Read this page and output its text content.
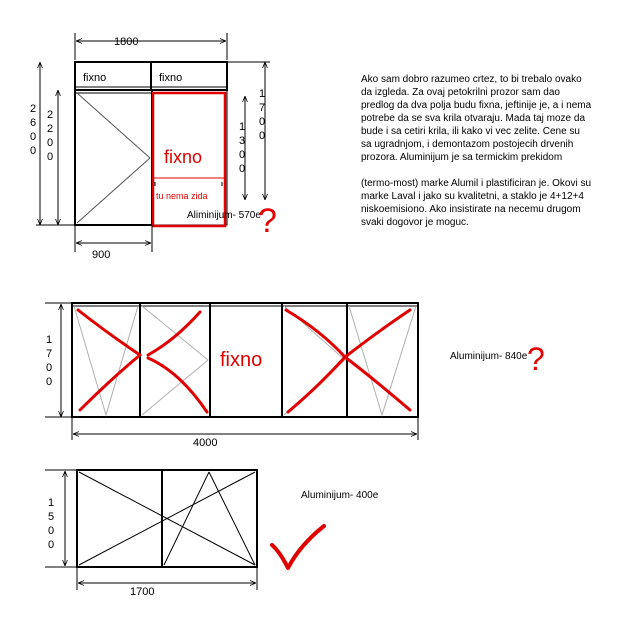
1800
fixno	fixno
fixno
tu nema zida
900
Aliminijum- 570e
?
2 6 0 0
2 2 0 0
1 7 0 0
1 3 0 0
1 7 0 0
1 5 0 0
fixno
4000
Aluminijum- 840e ?
1700
Aluminijum- 400e

Ako sam dobro razumeo crtez, to bi trebalo ovako da izgleda. Za ovaj petokrilni prozor sam dao predlog da dva polja budu fixna, jeftinije je, a i nema potrebe da se sva krila otvaraju. Mada taj moze da bude i sa cetiri krila, ili kako vi vec zelite. Cene su sa ugradnjom, i demontazom postojecih drvenih prozora. Aluminijum je sa termickim prekidom

(termo-most) marke Alumil i plastificiran je. Okovi su marke Laval i jako su kvalitetni, a staklo je 4+12+4 niskoemisiono. Ako insistirate na necemu drugom svaki dogovor je moguc.
